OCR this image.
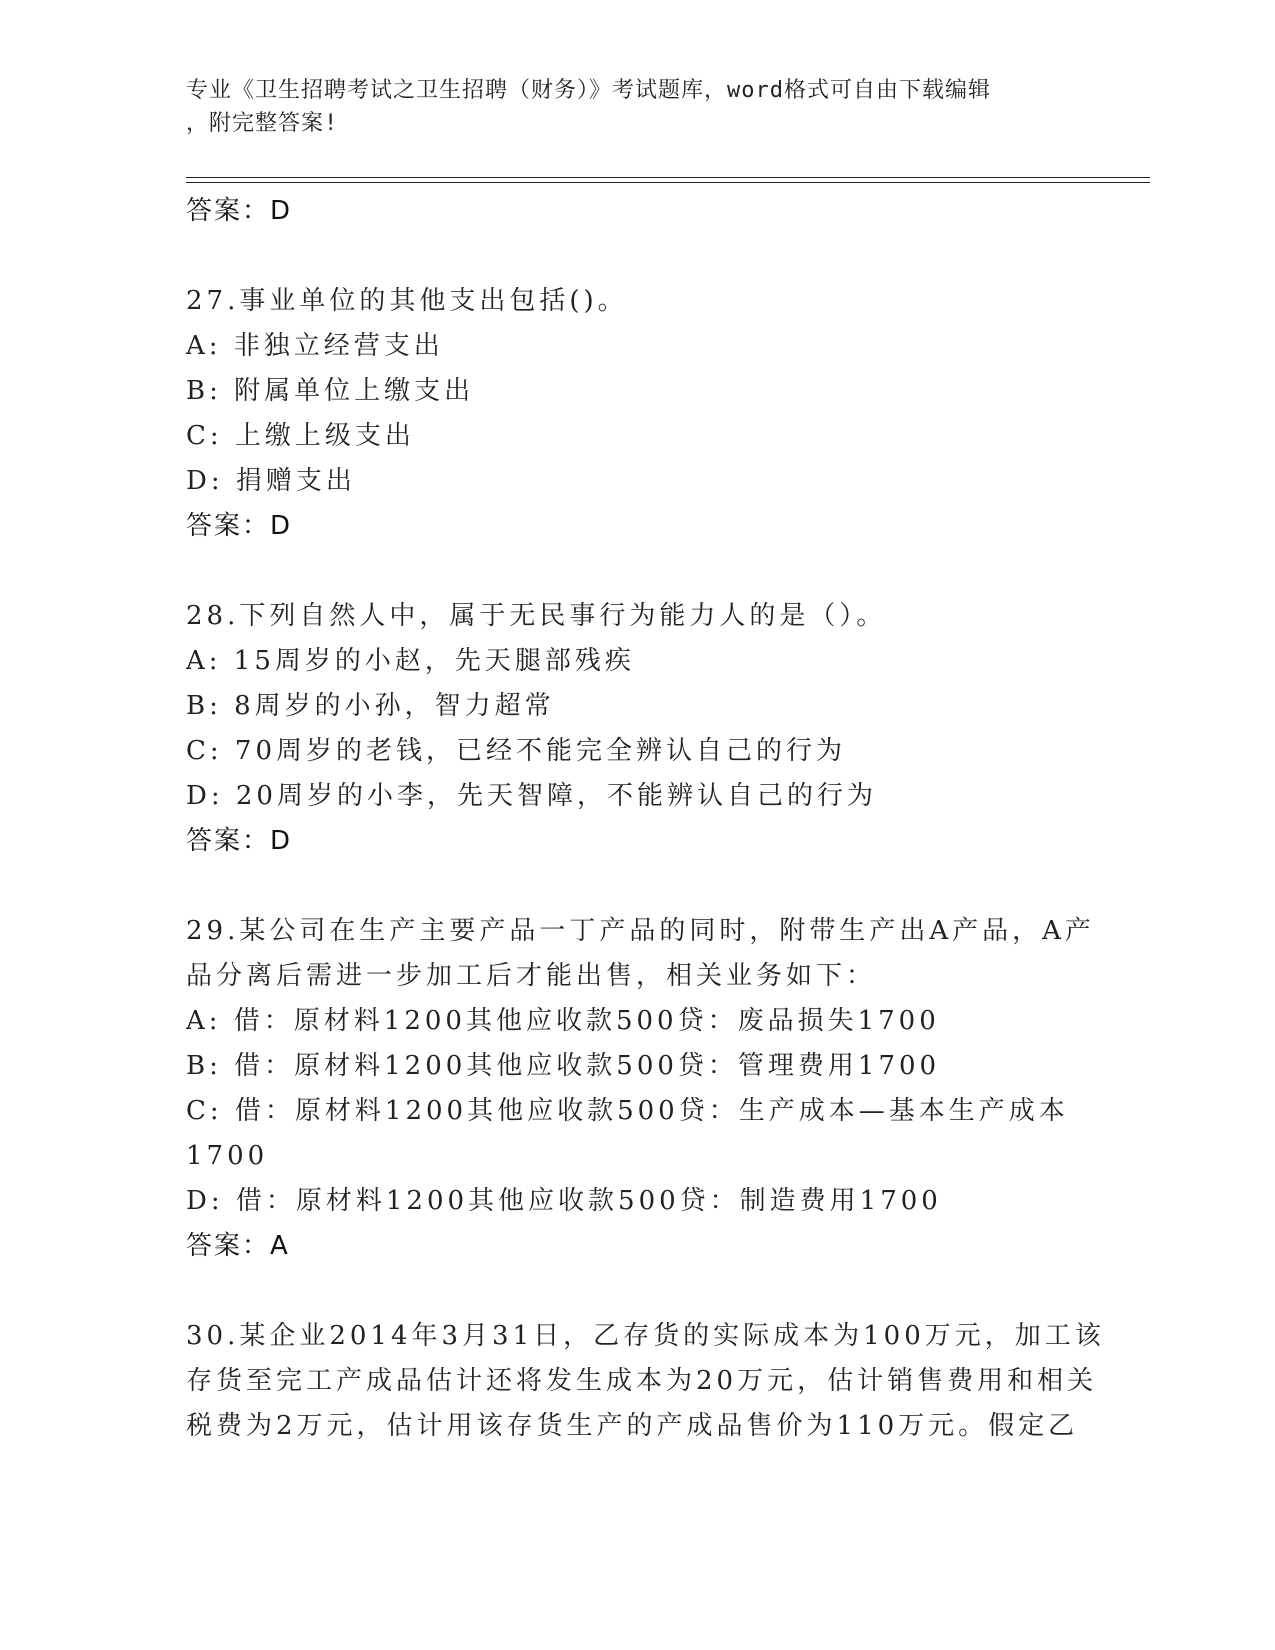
专业《卫生招聘考试之卫生招聘（财务）》考试题库，word格式可自由下载编辑
，附完整答案!
答案：D
27.事业单位的其他支出包括()。
A: 非独立经营支出
B: 附属单位上缴支出
C: 上缴上级支出
D: 捐赠支出
答案：D
28.下列自然人中，属于无民事行为能力人的是（）。
A: 15周岁的小赵，先天腿部残疾
B: 8周岁的小孙，智力超常
C: 70周岁的老钱，已经不能完全辨认自己的行为
D: 20周岁的小李，先天智障，不能辨认自己的行为
答案：D
29.某公司在生产主要产品一丁产品的同时，附带生产出A产品，A产
品分离后需进一步加工后才能出售，相关业务如下：
A: 借：原材料1200其他应收款500贷：废品损失1700
B: 借：原材料1200其他应收款500贷：管理费用1700
C: 借：原材料1200其他应收款500贷：生产成本—基本生产成本
1700
D: 借：原材料1200其他应收款500贷：制造费用1700
答案：A
30.某企业2014年3月31日，乙存货的实际成本为100万元，加工该
存货至完工产成品估计还将发生成本为20万元，估计销售费用和相关
税费为2万元，估计用该存货生产的产成品售价为110万元。假定乙
